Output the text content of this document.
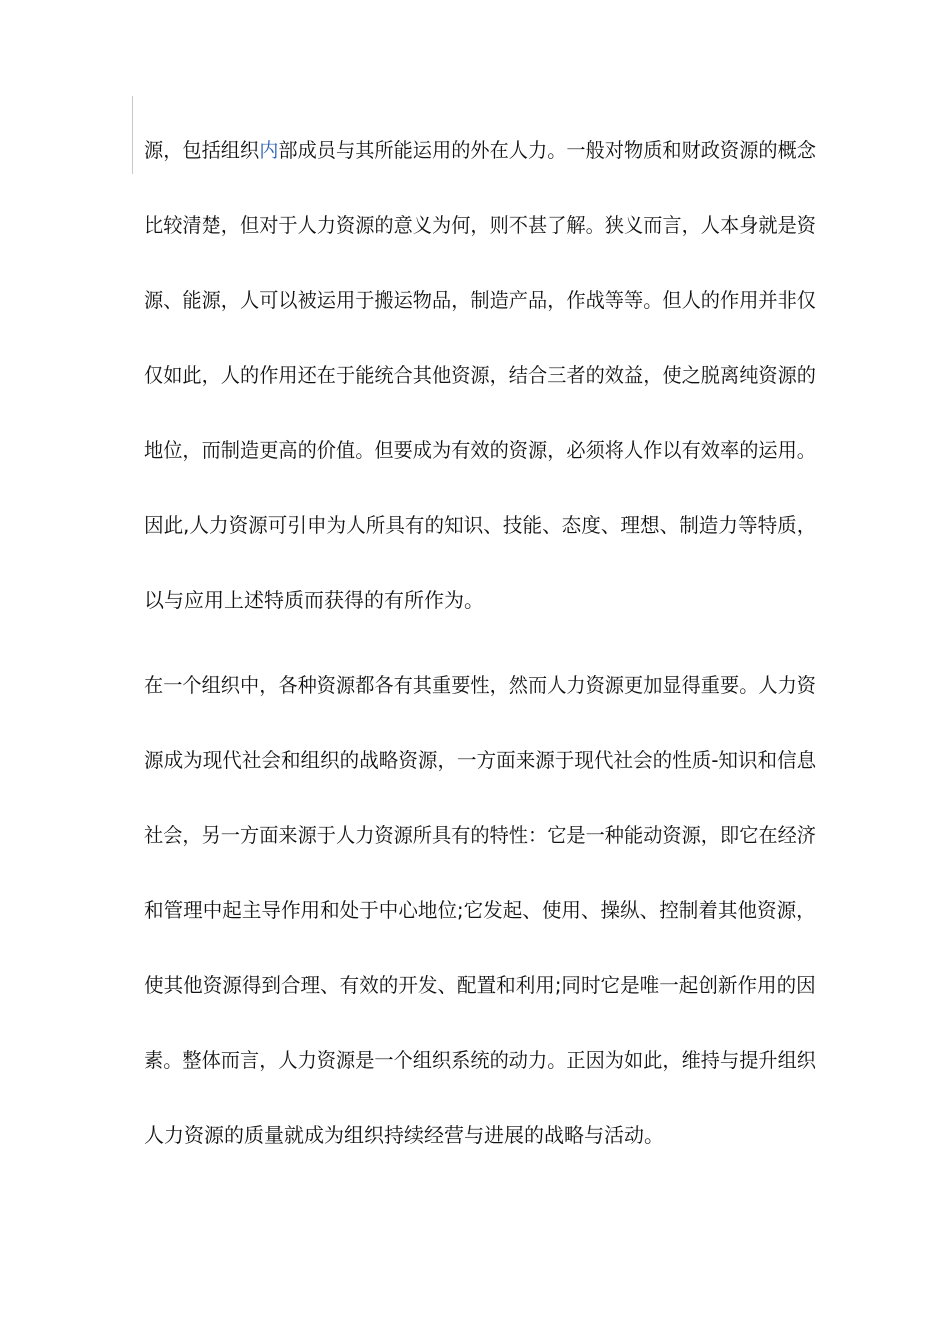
源，包括组织内部成员与其所能运用的外在人力。一般对物质和财政资源的概念
比较清楚，但对于人力资源的意义为何，则不甚了解。狭义而言，人本身就是资
源、能源，人可以被运用于搬运物品，制造产品，作战等等。但人的作用并非仅
仅如此，人的作用还在于能统合其他资源，结合三者的效益，使之脱离纯资源的
地位，而制造更高的价值。但要成为有效的资源，必须将人作以有效率的运用。
因此,人力资源可引申为人所具有的知识、技能、态度、理想、制造力等特质，
以与应用上述特质而获得的有所作为。
在一个组织中，各种资源都各有其重要性，然而人力资源更加显得重要。人力资
源成为现代社会和组织的战略资源，一方面来源于现代社会的性质-知识和信息
社会，另一方面来源于人力资源所具有的特性：它是一种能动资源，即它在经济
和管理中起主导作用和处于中心地位;它发起、使用、操纵、控制着其他资源，
使其他资源得到合理、有效的开发、配置和利用;同时它是唯一起创新作用的因
素。整体而言，人力资源是一个组织系统的动力。正因为如此，维持与提升组织
人力资源的质量就成为组织持续经营与进展的战略与活动。
